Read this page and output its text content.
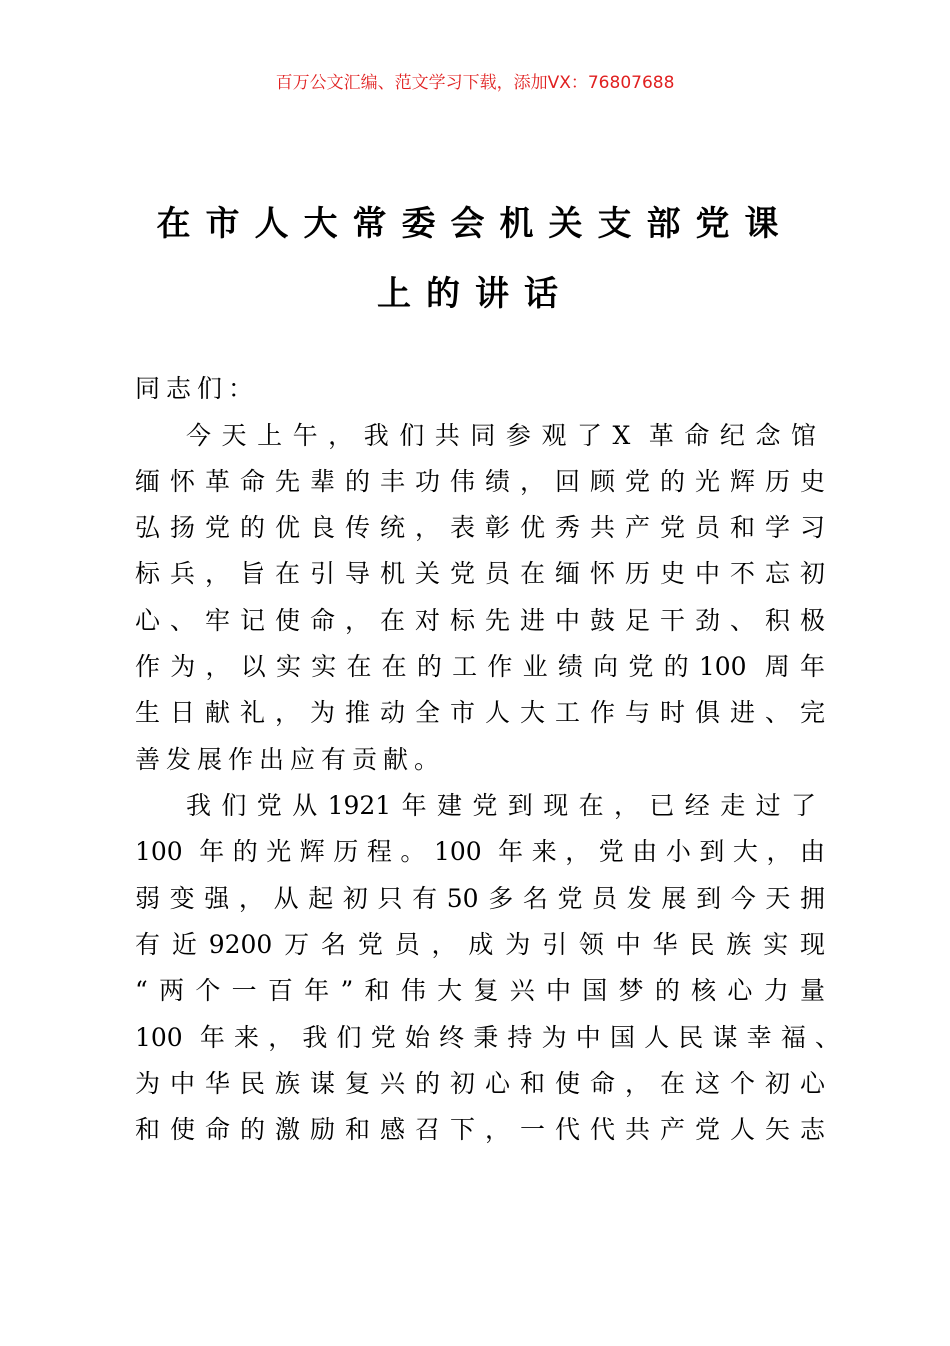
百万公文汇编、范文学习下载，添加VX：76807688
在市人大常委会机关支部党课
上的讲话
同志们：
今天上午，我们共同参观了X 革命纪念馆
缅怀革命先辈的丰功伟绩，回顾党的光辉历史
弘扬党的优良传统，表彰优秀共产党员和学习
标兵，旨在引导机关党员在缅怀历史中不忘初
心、牢记使命，在对标先进中鼓足干劲、积极
作为，以实实在在的工作业绩向党的100 周年
生日献礼，为推动全市人大工作与时俱进、完
善发展作出应有贡献。
我们党从1921年建党到现在，已经走过了
100 年的光辉历程。100 年来，党由小到大，由
弱变强，从起初只有50多名党员发展到今天拥
有近9200万名党员，成为引领中华民族实现
“两个一百年”和伟大复兴中国梦的核心力量
100 年来，我们党始终秉持为中国人民谋幸福、
为中华民族谋复兴的初心和使命，在这个初心
和使命的激励和感召下，一代代共产党人矢志
